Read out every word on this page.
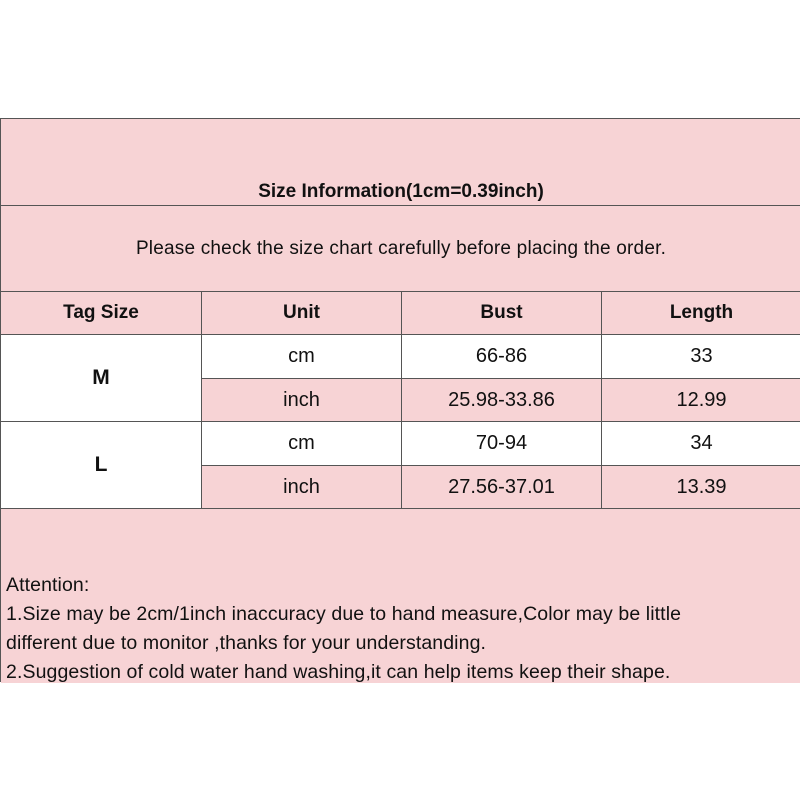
Size Information(1cm=0.39inch)
Please check the size chart carefully before placing the order.
Tag Size	Unit	Bust	Length
M
cm	66-86	33
inch	25.98-33.86	12.99
L
cm	70-94	34
inch	27.56-37.01	13.39
Attention:
1.Size may be 2cm/1inch inaccuracy due to hand measure,Color may be little
different due to monitor ,thanks for your understanding.
2.Suggestion of cold water hand washing,it can help items keep their shape.
